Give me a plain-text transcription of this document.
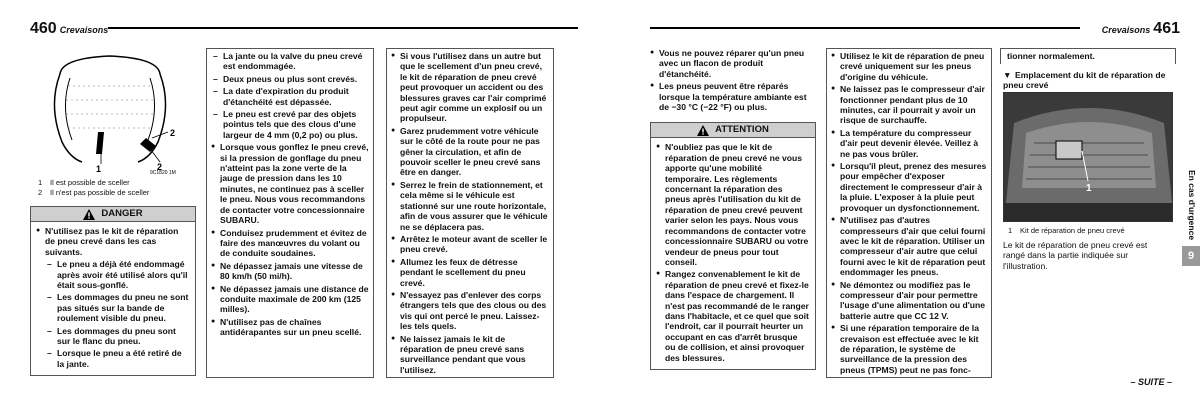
460 Crevaisons
1	2
2
9C1820 1M
1 Il est possible de sceller
2 Il n'est pas possible de sceller
DANGER
● N'utilisez pas le kit de réparation de pneu crevé dans les cas suivants.
– Le pneu a déjà été endommagé après avoir été utilisé alors qu'il était sous-gonflé.
– Les dommages du pneu ne sont pas situés sur la bande de roulement visible du pneu.
– Les dommages du pneu sont sur le flanc du pneu.
– Lorsque le pneu a été retiré de la jante.
– La jante ou la valve du pneu crevé est endommagée.
– Deux pneus ou plus sont crevés.
– La date d'expiration du produit d'étanchéité est dépassée.
– Le pneu est crevé par des objets pointus tels que des clous d'une largeur de 4 mm (0,2 po) ou plus.
● Lorsque vous gonflez le pneu crevé, si la pression de gonflage du pneu n'atteint pas la zone verte de la jauge de pression dans les 10 minutes, ne continuez pas à sceller le pneu. Nous vous recommandons de contacter votre concessionnaire SUBARU.
● Conduisez prudemment et évitez de faire des manœuvres du volant ou de conduite soudaines.
● Ne dépassez jamais une vitesse de 80 km/h (50 mi/h).
● Ne dépassez jamais une distance de conduite maximale de 200 km (125 milles).
● N'utilisez pas de chaînes antidérapantes sur un pneu scellé.
● Si vous l'utilisez dans un autre but que le scellement d'un pneu crevé, le kit de réparation de pneu crevé peut provoquer un accident ou des blessures graves car l'air comprimé peut agir comme un explosif ou un propulseur.
● Garez prudemment votre véhicule sur le côté de la route pour ne pas gêner la circulation, et afin de pouvoir sceller le pneu crevé sans être en danger.
● Serrez le frein de stationnement, et cela même si le véhicule est stationné sur une route horizontale, afin de vous assurer que le véhicule ne se déplacera pas.
● Arrêtez le moteur avant de sceller le pneu crevé.
● Allumez les feux de détresse pendant le scellement du pneu crevé.
● N'essayez pas d'enlever des corps étrangers tels que des clous ou des vis qui ont percé le pneu. Laissez-les tels quels.
● Ne laissez jamais le kit de réparation de pneu crevé sans surveillance pendant que vous l'utilisez.
Crevaisons 461
● Vous ne pouvez réparer qu'un pneu avec un flacon de produit d'étanchéité.
● Les pneus peuvent être réparés lorsque la température ambiante est de −30 °C (−22 °F) ou plus.
ATTENTION
● N'oubliez pas que le kit de réparation de pneu crevé ne vous apporte qu'une mobilité temporaire. Les règlements concernant la réparation des pneus après l'utilisation du kit de réparation de pneu crevé peuvent varier selon les pays. Nous vous recommandons de contacter votre concessionnaire SUBARU ou votre vendeur de pneus pour tout conseil.
● Rangez convenablement le kit de réparation de pneu crevé et fixez-le dans l'espace de chargement. Il n'est pas recommandé de le ranger dans l'habitacle, et ce quel que soit l'endroit, car il pourrait heurter un occupant en cas d'arrêt brusque ou de collision, et ainsi provoquer des blessures.
● Utilisez le kit de réparation de pneu crevé uniquement sur les pneus d'origine du véhicule.
● Ne laissez pas le compresseur d'air fonctionner pendant plus de 10 minutes, car il pourrait y avoir un risque de surchauffe.
● La température du compresseur d'air peut devenir élevée. Veillez à ne pas vous brûler.
● Lorsqu'il pleut, prenez des mesures pour empêcher d'exposer directement le compresseur d'air à la pluie. L'exposer à la pluie peut provoquer un dysfonctionnement.
● N'utilisez pas d'autres compresseurs d'air que celui fourni avec le kit de réparation. Utiliser un compresseur d'air autre que celui fourni avec le kit de réparation peut endommager les pneus.
● Ne démontez ou modifiez pas le compresseur d'air pour permettre l'usage d'une alimentation ou d'une batterie autre que CC 12 V.
● Si une réparation temporaire de la crevaison est effectuée avec le kit de réparation, le système de surveillance de la pression des pneus (TPMS) peut ne pas fonc-
tionner normalement.
▼ Emplacement du kit de réparation de pneu crevé
1
1 Kit de réparation de pneu crevé
Le kit de réparation de pneu crevé est rangé dans la partie indiquée sur l'illustration.
En cas d'urgence
9
– SUITE –
